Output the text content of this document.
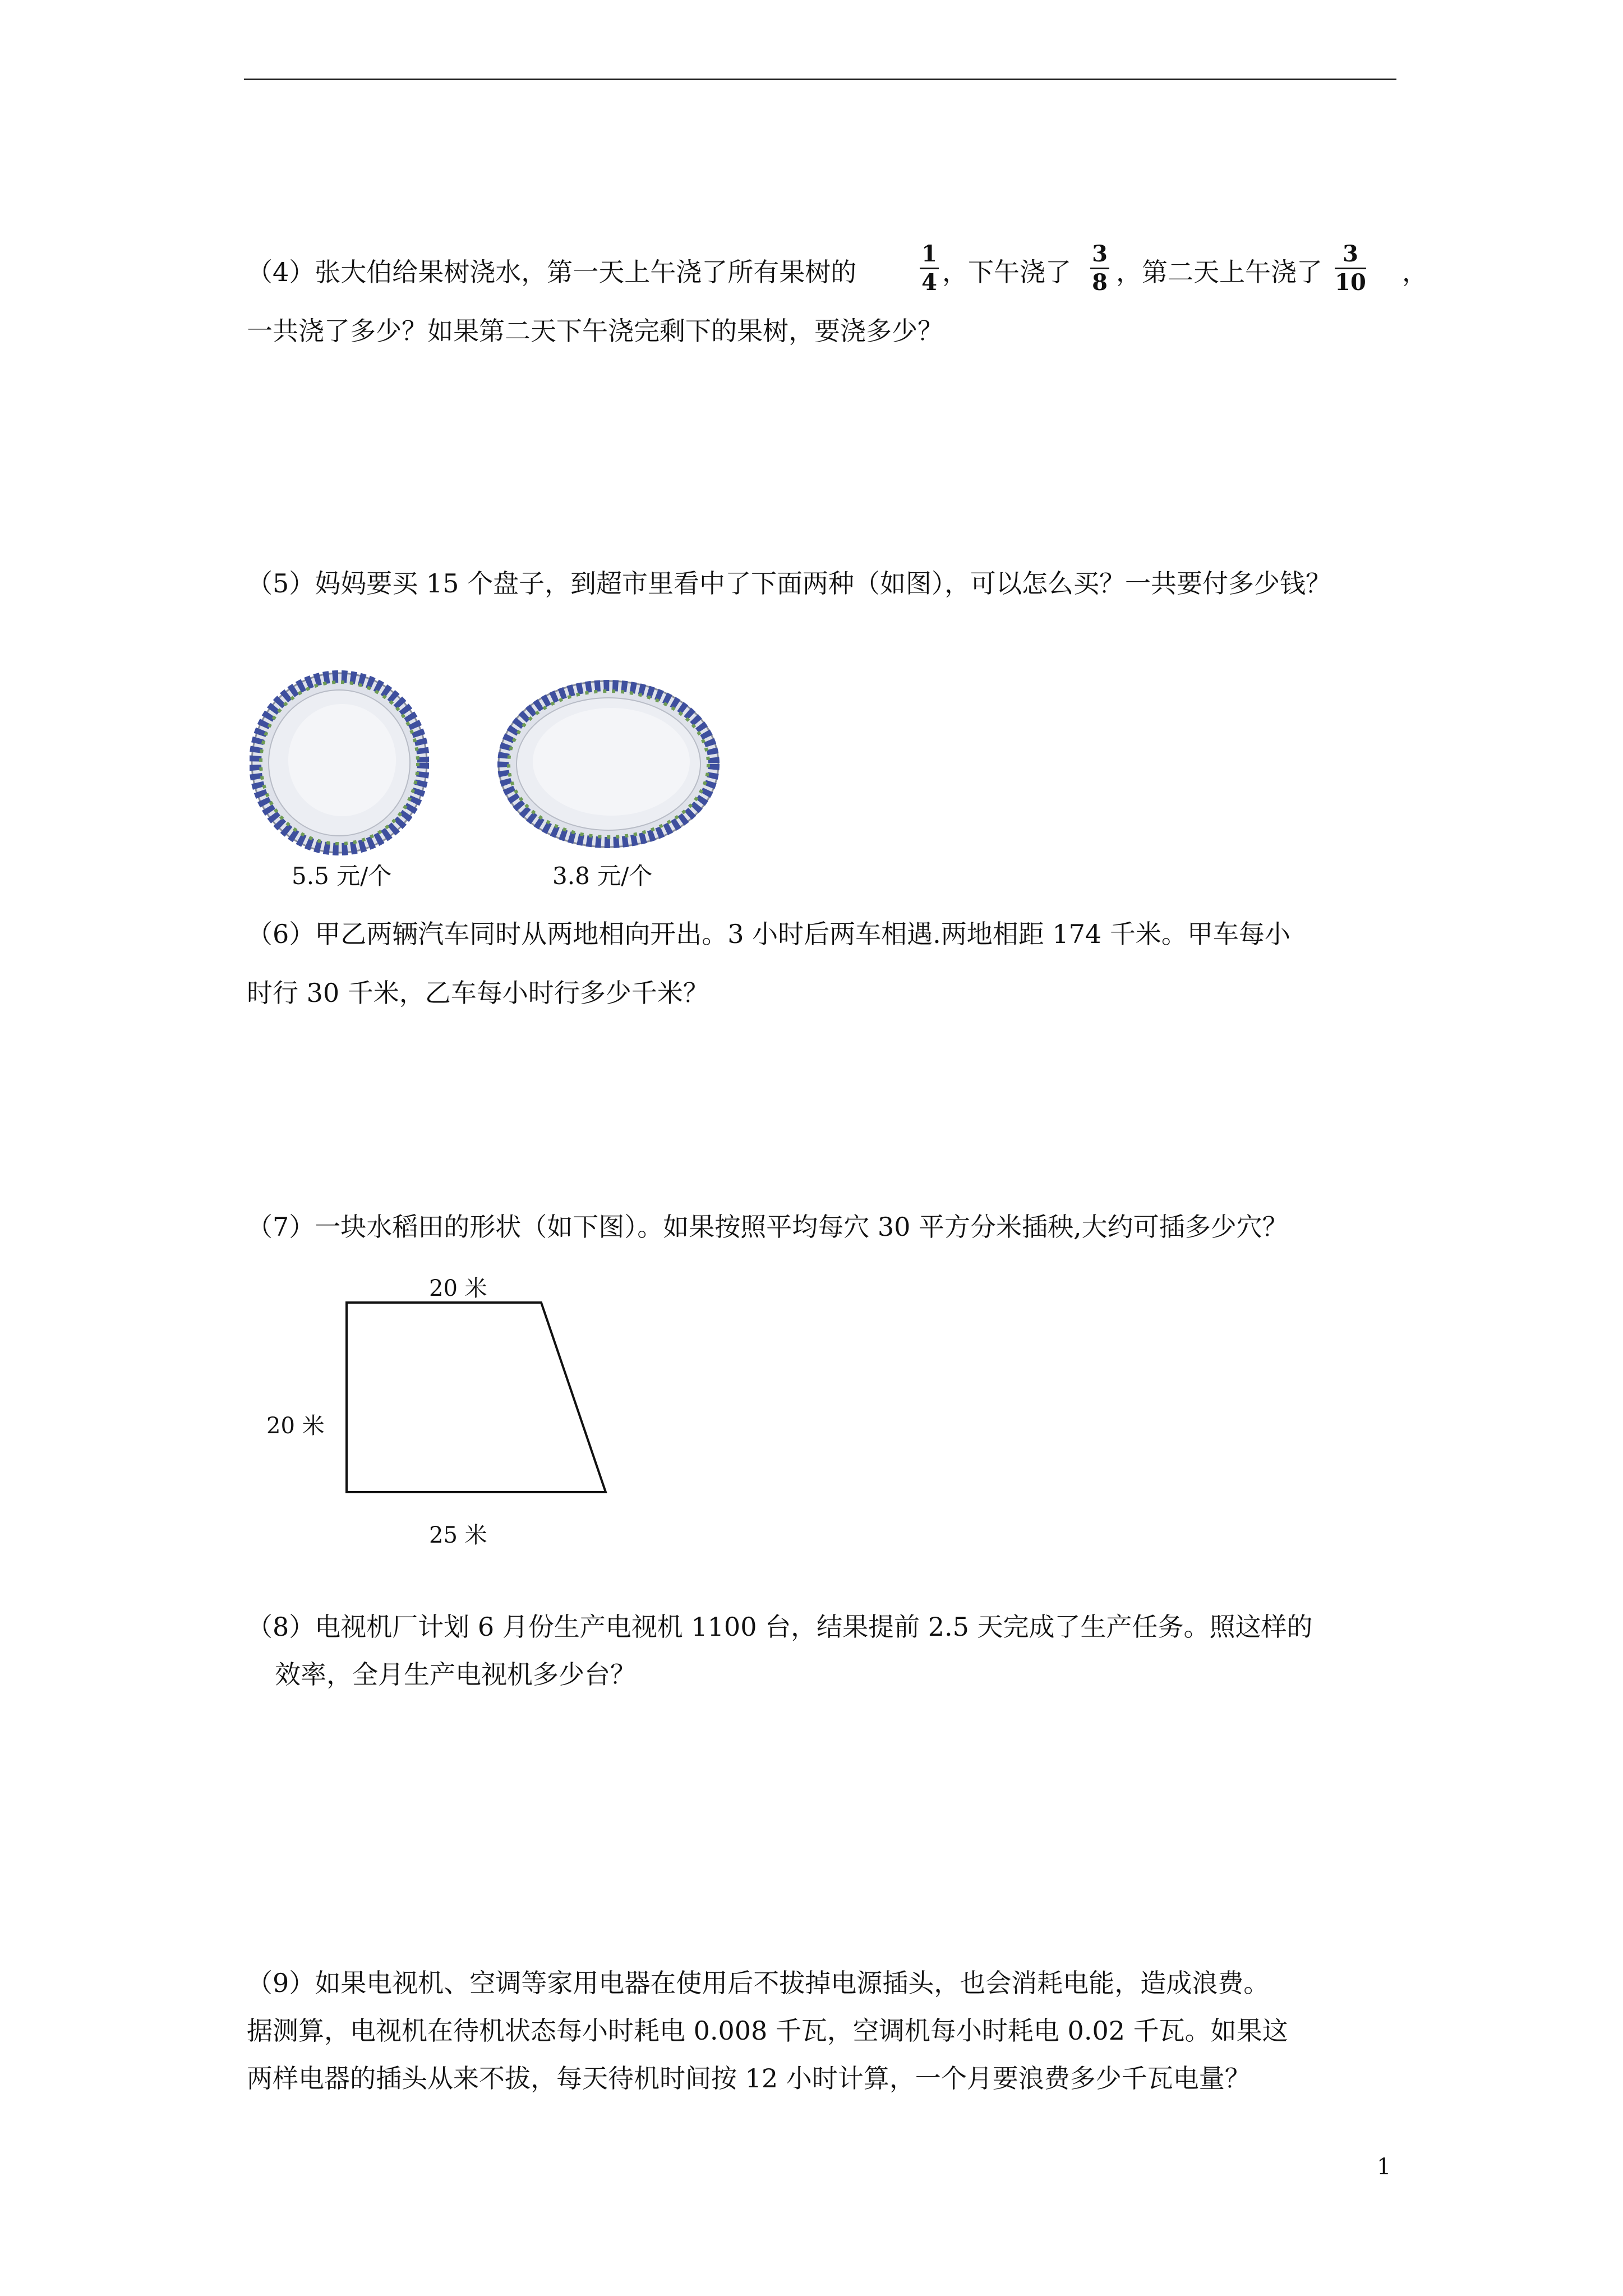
（4）张大伯给果树浇水，第一天上午浇了所有果树的
1
4 ，下午浇了
3
8 ，第二天上午浇了
3
10 ，
一共浇了多少？如果第二天下午浇完剩下的果树，要浇多少？
（5）妈妈要买 15 个盘子，到超市里看中了下面两种（如图），可以怎么买？一共要付多少钱？
5.5 元/个	3.8 元/个
（6）甲乙两辆汽车同时从两地相向开出。3 小时后两车相遇.两地相距 174 千米。甲车每小
时行 30 千米，乙车每小时行多少千米？
（7）一块水稻田的形状（如下图）。如果按照平均每穴 30 平方分米插秧,大约可插多少穴？
20 米
20 米
25 米
（8）电视机厂计划 6 月份生产电视机 1100 台，结果提前 2.5 天完成了生产任务。照这样的
效率，全月生产电视机多少台？
（9）如果电视机、空调等家用电器在使用后不拔掉电源插头，也会消耗电能，造成浪费。
据测算，电视机在待机状态每小时耗电 0.008 千瓦，空调机每小时耗电 0.02 千瓦。如果这
两样电器的插头从来不拔，每天待机时间按 12 小时计算，一个月要浪费多少千瓦电量？
1
